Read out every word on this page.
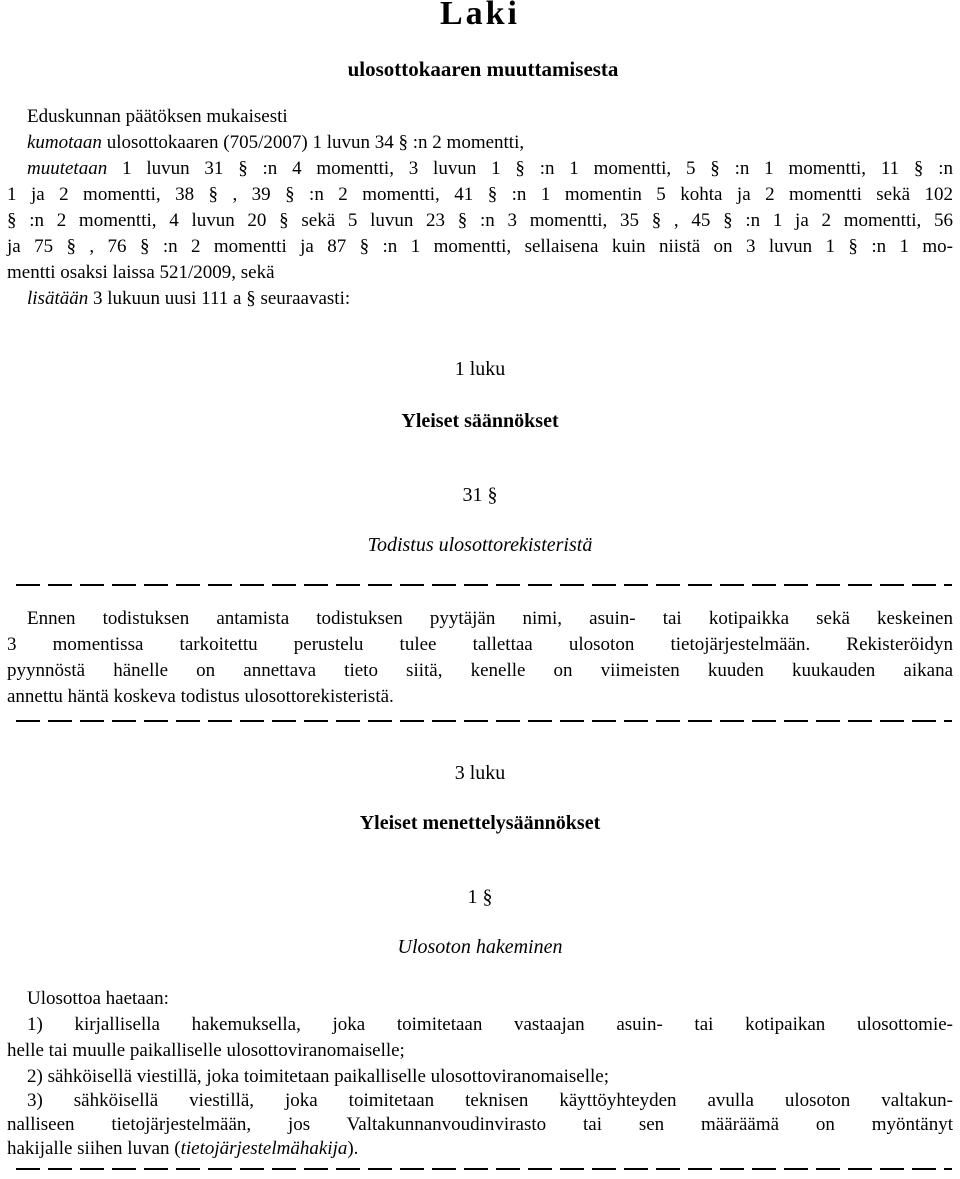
Laki
ulosottokaaren muuttamisesta
Eduskunnan päätöksen mukaisesti
kumotaan ulosottokaaren (705/2007) 1 luvun 34 § :n 2 momentti,
muutetaan 1 luvun 31 § :n 4 momentti, 3 luvun 1 § :n 1 momentti, 5 § :n 1 momentti, 11 § :n
1 ja 2 momentti, 38 § , 39 § :n 2 momentti, 41 § :n 1 momentin 5 kohta ja 2 momentti sekä 102
§ :n 2 momentti, 4 luvun 20 § sekä 5 luvun 23 § :n 3 momentti, 35 § , 45 § :n 1 ja 2 momentti, 56
ja 75 § , 76 § :n 2 momentti ja 87 § :n 1 momentti, sellaisena kuin niistä on 3 luvun 1 § :n 1 mo-
mentti osaksi laissa 521/2009, sekä
lisätään 3 lukuun uusi 111 a § seuraavasti:
1 luku
Yleiset säännökset
31 §
Todistus ulosottorekisteristä
Ennen todistuksen antamista todistuksen pyytäjän nimi, asuin- tai kotipaikka sekä keskeinen
3 momentissa tarkoitettu perustelu tulee tallettaa ulosoton tietojärjestelmään. Rekisteröidyn
pyynnöstä hänelle on annettava tieto siitä, kenelle on viimeisten kuuden kuukauden aikana
annettu häntä koskeva todistus ulosottorekisteristä.
3 luku
Yleiset menettelysäännökset
1 §
Ulosoton hakeminen
Ulosottoa haetaan:
1) kirjallisella hakemuksella, joka toimitetaan vastaajan asuin- tai kotipaikan ulosottomie-
helle tai muulle paikalliselle ulosottoviranomaiselle;
2) sähköisellä viestillä, joka toimitetaan paikalliselle ulosottoviranomaiselle;
3) sähköisellä viestillä, joka toimitetaan teknisen käyttöyhteyden avulla ulosoton valtakun-
nalliseen tietojärjestelmään, jos Valtakunnanvoudinvirasto tai sen määräämä on myöntänyt
hakijalle siihen luvan (tietojärjestelmähakija).
